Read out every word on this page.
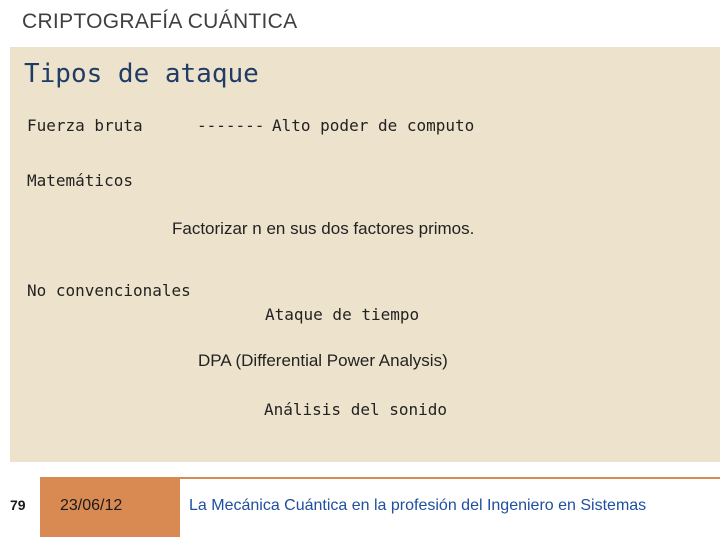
CRIPTOGRAFÍA CUÁNTICA
Tipos de ataque
Fuerza bruta	------- Alto poder de computo
Matemáticos
Factorizar n en sus dos factores primos.
No convencionales
Ataque de tiempo
DPA (Differential Power Analysis)
Análisis del sonido
79 23/06/12	La Mecánica Cuántica en la profesión del Ingeniero en Sistemas
